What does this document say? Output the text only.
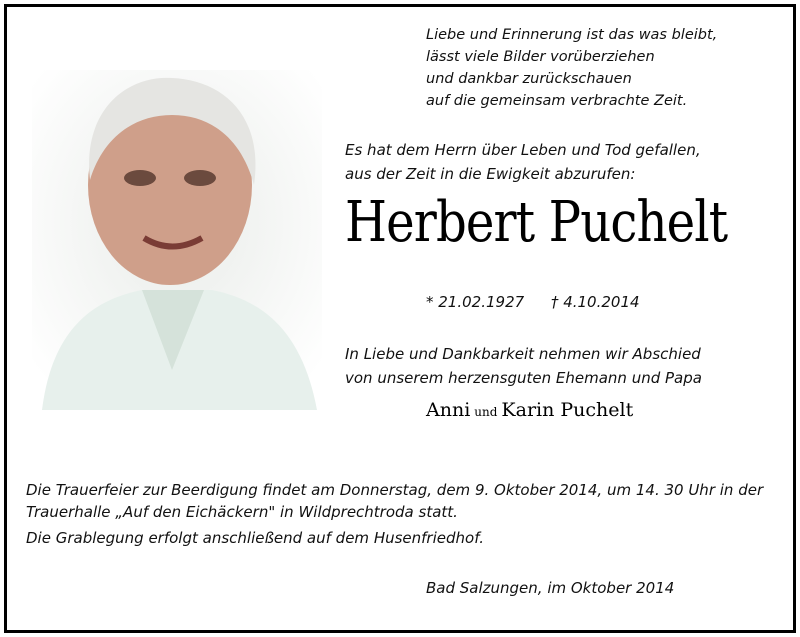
Liebe und Erinnerung ist das was bleibt,
lässt viele Bilder vorüberziehen
und dankbar zurückschauen
auf die gemeinsam verbrachte Zeit.
Es hat dem Herrn über Leben und Tod gefallen,
aus der Zeit in die Ewigkeit abzurufen:
Herbert Puchelt
* 21.02.1927 † 4.10.2014
In Liebe und Dankbarkeit nehmen wir Abschied
von unserem herzensguten Ehemann und Papa
Anni und Karin Puchelt
Die Trauerfeier zur Beerdigung findet am Donnerstag, dem 9. Oktober 2014, um 14. 30 Uhr in der
Trauerhalle „Auf den Eichäckern" in Wildprechtroda statt.
Die Grablegung erfolgt anschließend auf dem Husenfriedhof.
Bad Salzungen, im Oktober 2014
